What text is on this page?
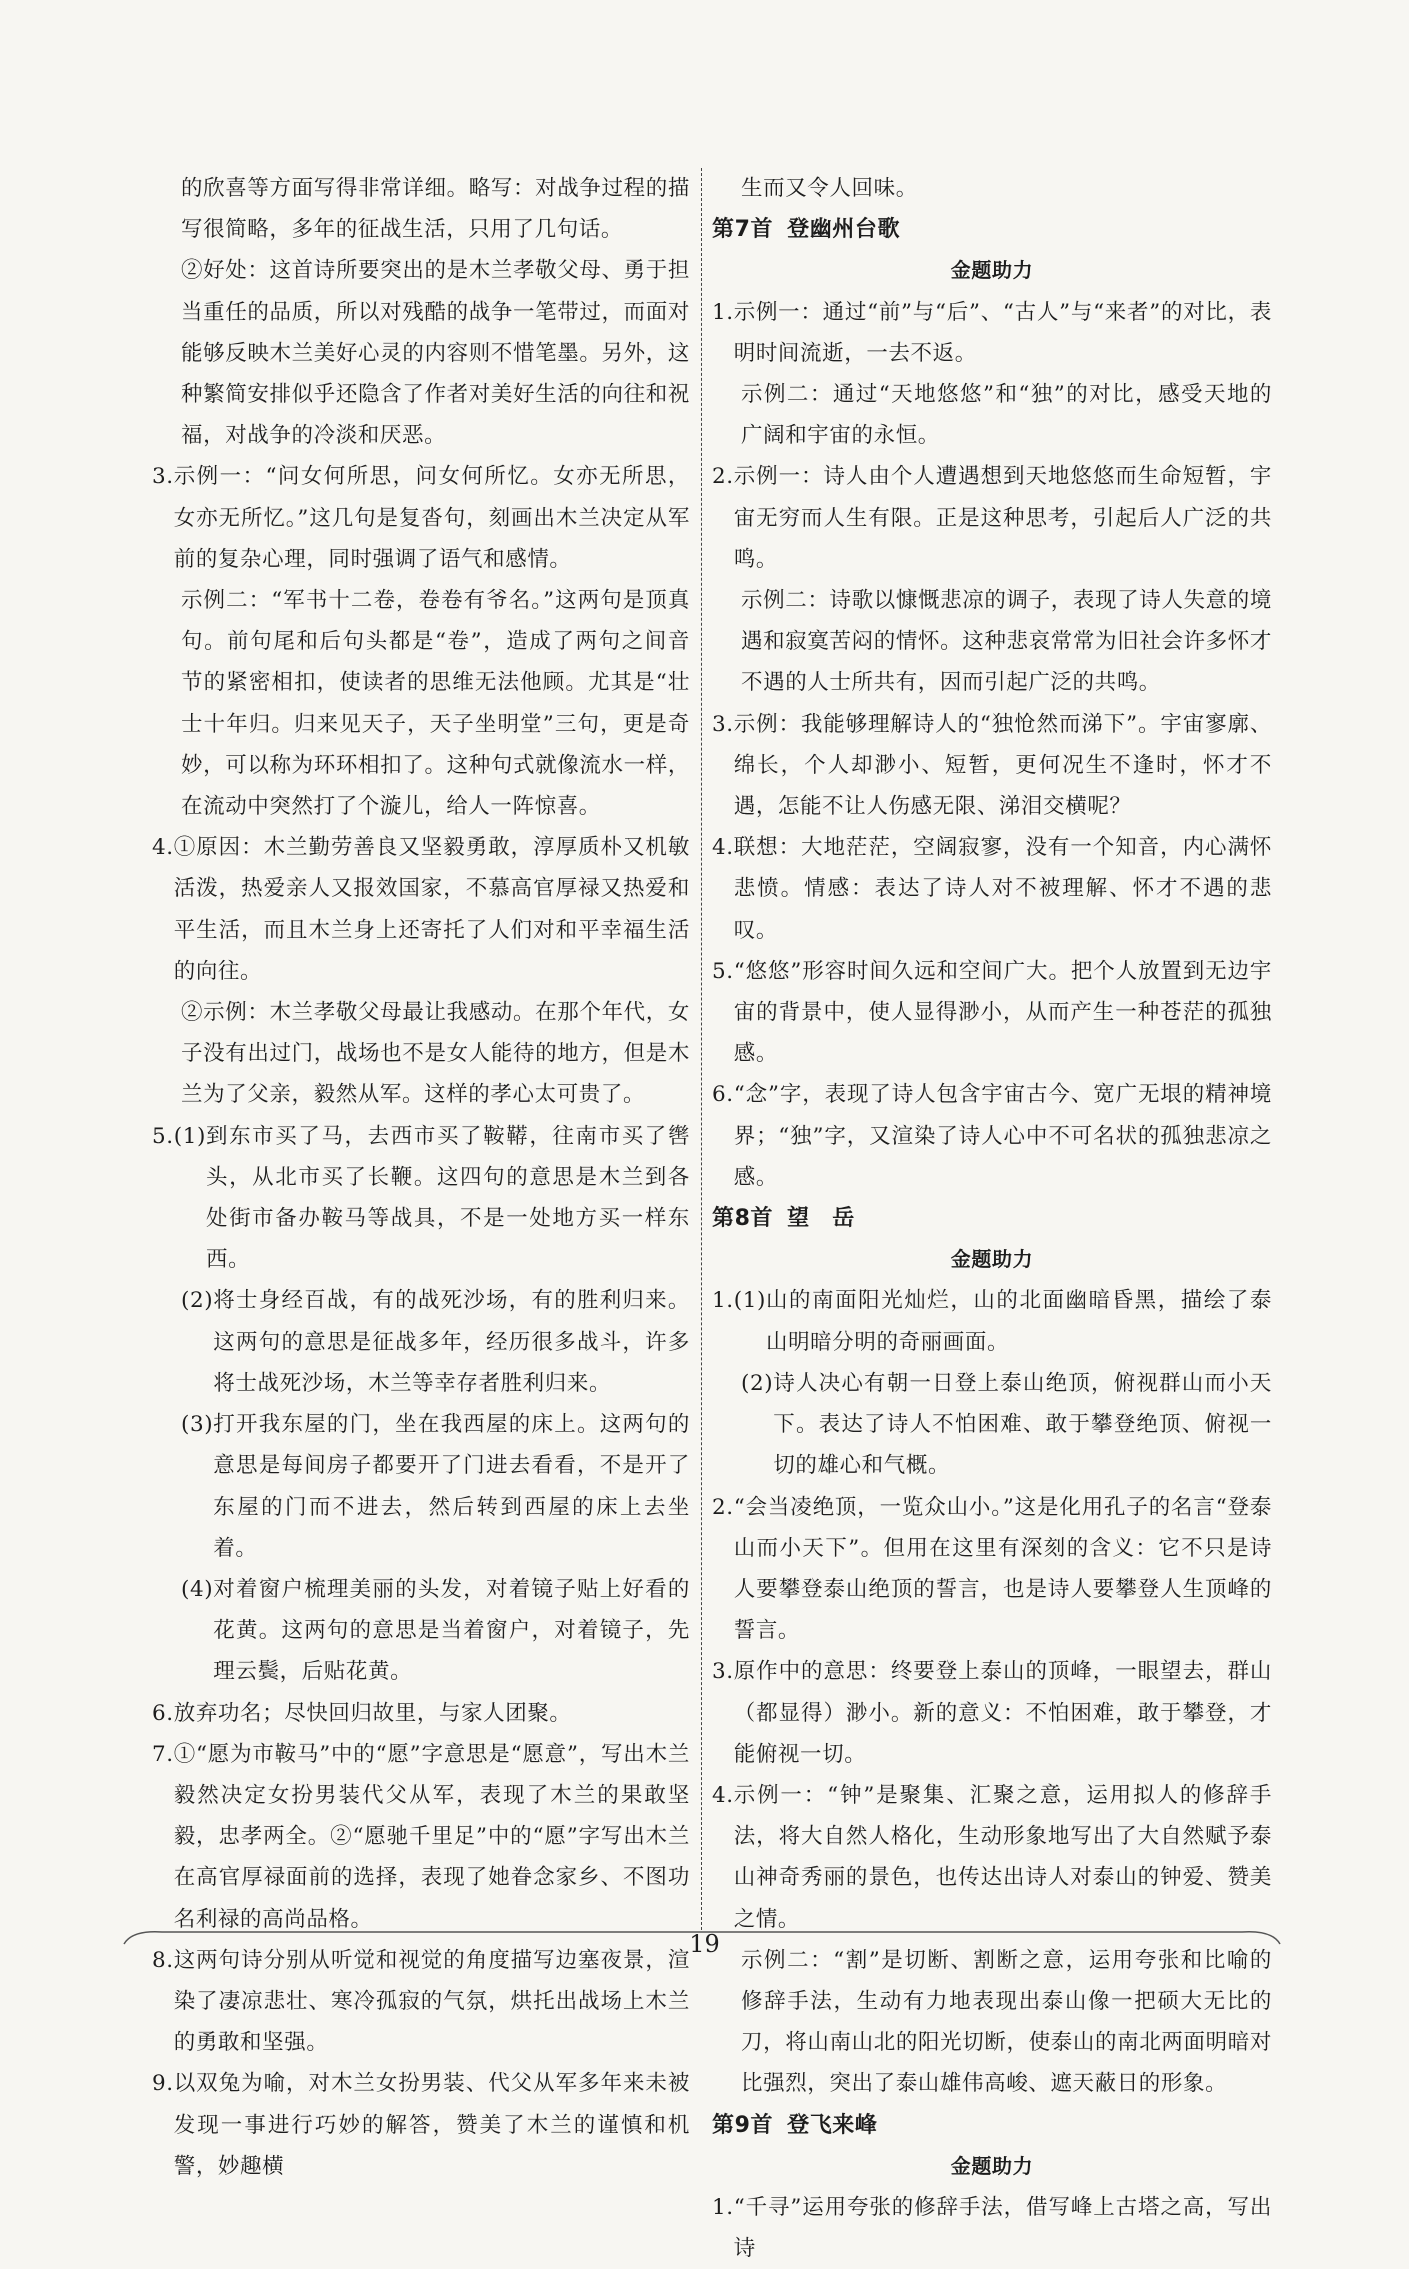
的欣喜等方面写得非常详细。略写：对战争过程的描写很简略，多年的征战生活，只用了几句话。

②好处：这首诗所要突出的是木兰孝敬父母、勇于担当重任的品质，所以对残酷的战争一笔带过，而面对能够反映木兰美好心灵的内容则不惜笔墨。另外，这种繁简安排似乎还隐含了作者对美好生活的向往和祝福，对战争的冷淡和厌恶。

3. 示例一：“问女何所思，问女何所忆。女亦无所思，女亦无所忆。”这几句是复沓句，刻画出木兰决定从军前的复杂心理，同时强调了语气和感情。

示例二：“军书十二卷，卷卷有爷名。”这两句是顶真句。前句尾和后句头都是“卷”，造成了两句之间音节的紧密相扣，使读者的思维无法他顾。尤其是“壮士十年归。归来见天子，天子坐明堂”三句，更是奇妙，可以称为环环相扣了。这种句式就像流水一样，在流动中突然打了个漩儿，给人一阵惊喜。

4. ①原因：木兰勤劳善良又坚毅勇敢，淳厚质朴又机敏活泼，热爱亲人又报效国家，不慕高官厚禄又热爱和平生活，而且木兰身上还寄托了人们对和平幸福生活的向往。

②示例：木兰孝敬父母最让我感动。在那个年代，女子没有出过门，战场也不是女人能待的地方，但是木兰为了父亲，毅然从军。这样的孝心太可贵了。

5. (1) 到东市买了马，去西市买了鞍鞯，往南市买了辔头，从北市买了长鞭。这四句的意思是木兰到各处街市备办鞍马等战具，不是一处地方买一样东西。
(2) 将士身经百战，有的战死沙场，有的胜利归来。这两句的意思是征战多年，经历很多战斗，许多将士战死沙场，木兰等幸存者胜利归来。
(3) 打开我东屋的门，坐在我西屋的床上。这两句的意思是每间房子都要开了门进去看看，不是开了东屋的门而不进去，然后转到西屋的床上去坐着。
(4) 对着窗户梳理美丽的头发，对着镜子贴上好看的花黄。这两句的意思是当着窗户，对着镜子，先理云鬓，后贴花黄。
6. 放弃功名；尽快回归故里，与家人团聚。
7. ①“愿为市鞍马”中的“愿”字意思是“愿意”，写出木兰毅然决定女扮男装代父从军，表现了木兰的果敢坚毅，忠孝两全。②“愿驰千里足”中的“愿”字写出木兰在高官厚禄面前的选择，表现了她眷念家乡、不图功名利禄的高尚品格。
8. 这两句诗分别从听觉和视觉的角度描写边塞夜景，渲染了凄凉悲壮、寒冷孤寂的气氛，烘托出战场上木兰的勇敢和坚强。
9. 以双兔为喻，对木兰女扮男装、代父从军多年来未被发现一事进行巧妙的解答，赞美了木兰的谨慎和机警，妙趣横

生而又令人回味。

第7首 登幽州台歌
金题助力
1. 示例一：通过“前”与“后”、“古人”与“来者”的对比，表明时间流逝，一去不返。

示例二：通过“天地悠悠”和“独”的对比，感受天地的广阔和宇宙的永恒。

2. 示例一：诗人由个人遭遇想到天地悠悠而生命短暂，宇宙无穷而人生有限。正是这种思考，引起后人广泛的共鸣。

示例二：诗歌以慷慨悲凉的调子，表现了诗人失意的境遇和寂寞苦闷的情怀。这种悲哀常常为旧社会许多怀才不遇的人士所共有，因而引起广泛的共鸣。

3. 示例：我能够理解诗人的“独怆然而涕下”。宇宙寥廓、绵长，个人却渺小、短暂，更何况生不逢时，怀才不遇，怎能不让人伤感无限、涕泪交横呢？
4. 联想：大地茫茫，空阔寂寥，没有一个知音，内心满怀悲愤。情感：表达了诗人对不被理解、怀才不遇的悲叹。
5. “悠悠”形容时间久远和空间广大。把个人放置到无边宇宙的背景中，使人显得渺小，从而产生一种苍茫的孤独感。
6. “念”字，表现了诗人包含宇宙古今、宽广无垠的精神境界；“独”字，又渲染了诗人心中不可名状的孤独悲凉之感。
第8首 望　岳
金题助力
1. (1) 山的南面阳光灿烂，山的北面幽暗昏黑，描绘了泰山明暗分明的奇丽画面。
(2) 诗人决心有朝一日登上泰山绝顶，俯视群山而小天下。表达了诗人不怕困难、敢于攀登绝顶、俯视一切的雄心和气概。
2. “会当凌绝顶，一览众山小。”这是化用孔子的名言“登泰山而小天下”。但用在这里有深刻的含义：它不只是诗人要攀登泰山绝顶的誓言，也是诗人要攀登人生顶峰的誓言。
3. 原作中的意思：终要登上泰山的顶峰，一眼望去，群山（都显得）渺小。新的意义：不怕困难，敢于攀登，才能俯视一切。
4. 示例一：“钟”是聚集、汇聚之意，运用拟人的修辞手法，将大自然人格化，生动形象地写出了大自然赋予泰山神奇秀丽的景色，也传达出诗人对泰山的钟爱、赞美之情。

示例二：“割”是切断、割断之意，运用夸张和比喻的修辞手法，生动有力地表现出泰山像一把硕大无比的刀，将山南山北的阳光切断，使泰山的南北两面明暗对比强烈，突出了泰山雄伟高峻、遮天蔽日的形象。

第9首 登飞来峰
金题助力
1. “千寻”运用夸张的修辞手法，借写峰上古塔之高，写出诗
19
